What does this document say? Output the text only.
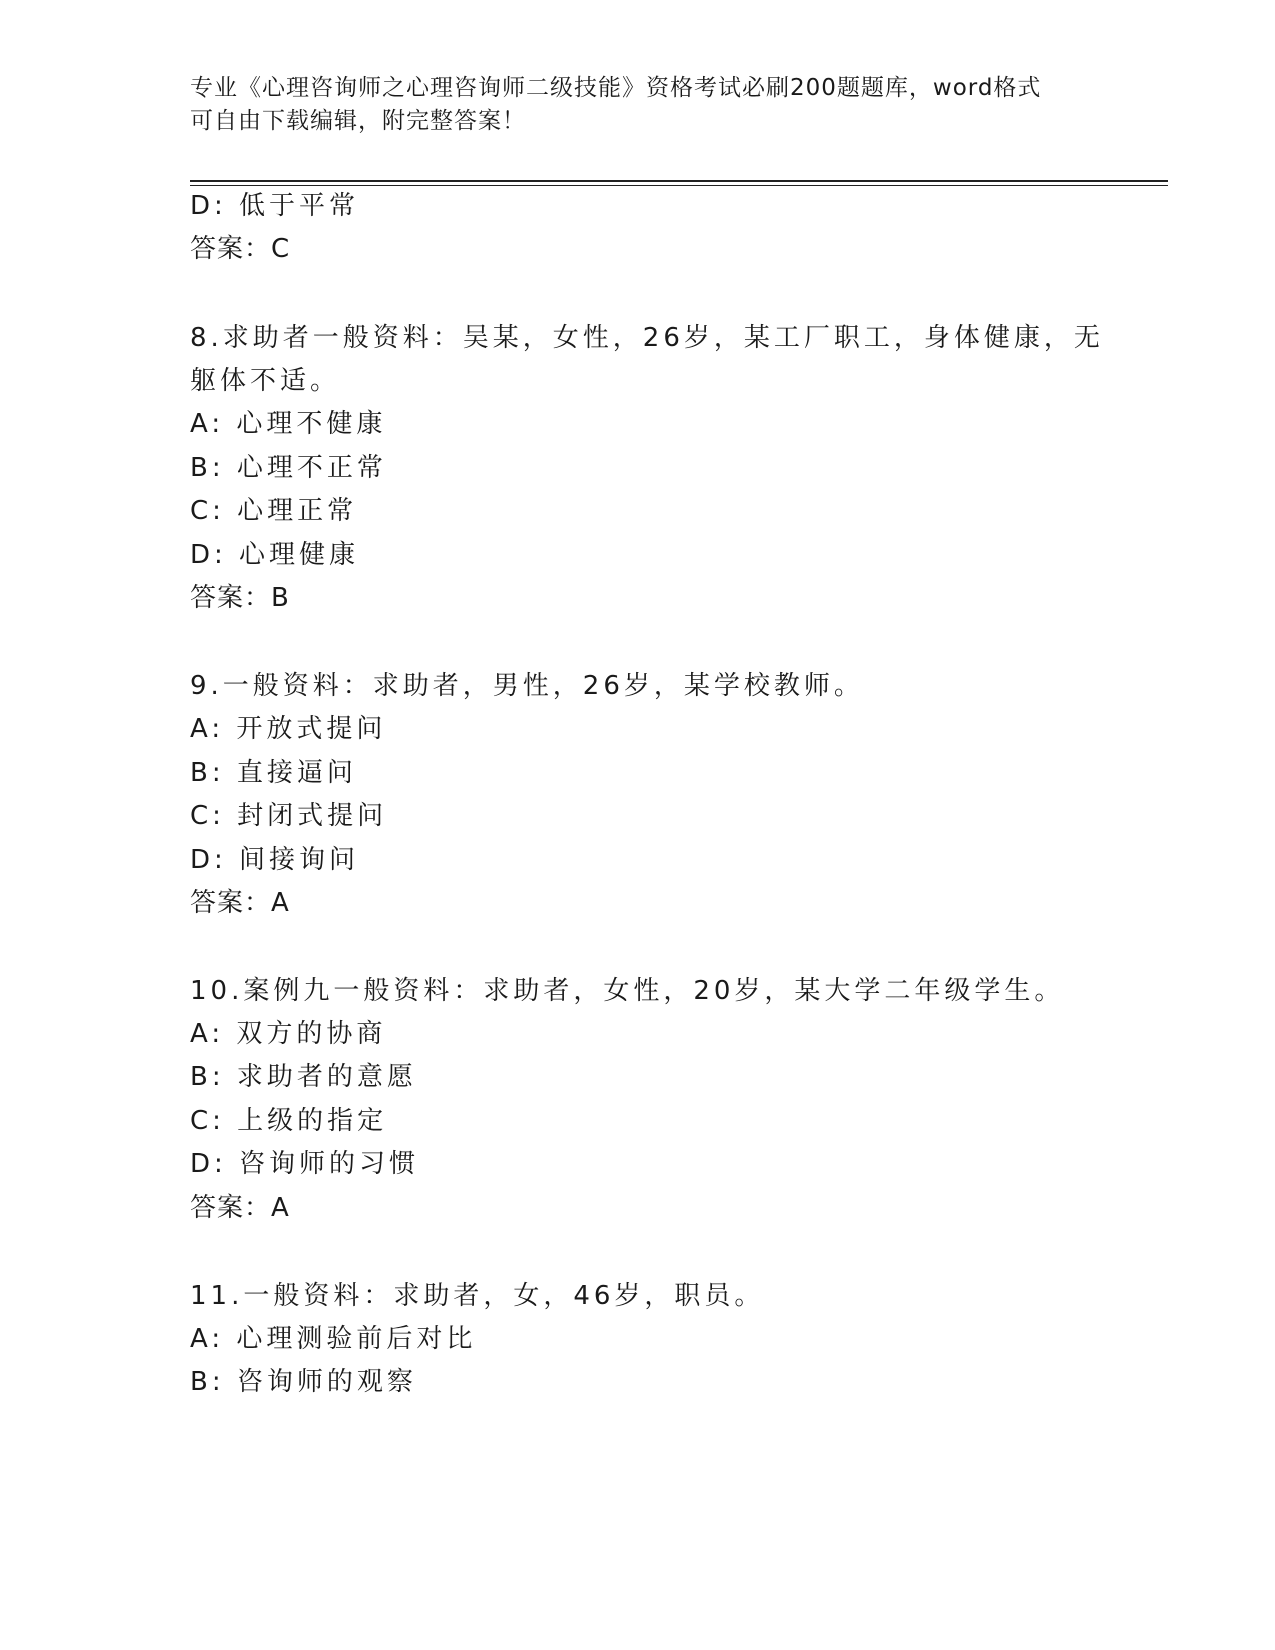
专业《心理咨询师之心理咨询师二级技能》资格考试必刷200题题库，word格式
可自由下载编辑，附完整答案！
D: 低于平常
答案：C
8.求助者一般资料：吴某，女性，26岁，某工厂职工，身体健康，无
躯体不适。
A: 心理不健康
B: 心理不正常
C: 心理正常
D: 心理健康
答案：B
9.一般资料：求助者，男性，26岁，某学校教师。
A: 开放式提问
B: 直接逼问
C: 封闭式提问
D: 间接询问
答案：A
10.案例九一般资料：求助者，女性，20岁，某大学二年级学生。
A: 双方的协商
B: 求助者的意愿
C: 上级的指定
D: 咨询师的习惯
答案：A
11.一般资料：求助者，女，46岁，职员。
A: 心理测验前后对比
B: 咨询师的观察
